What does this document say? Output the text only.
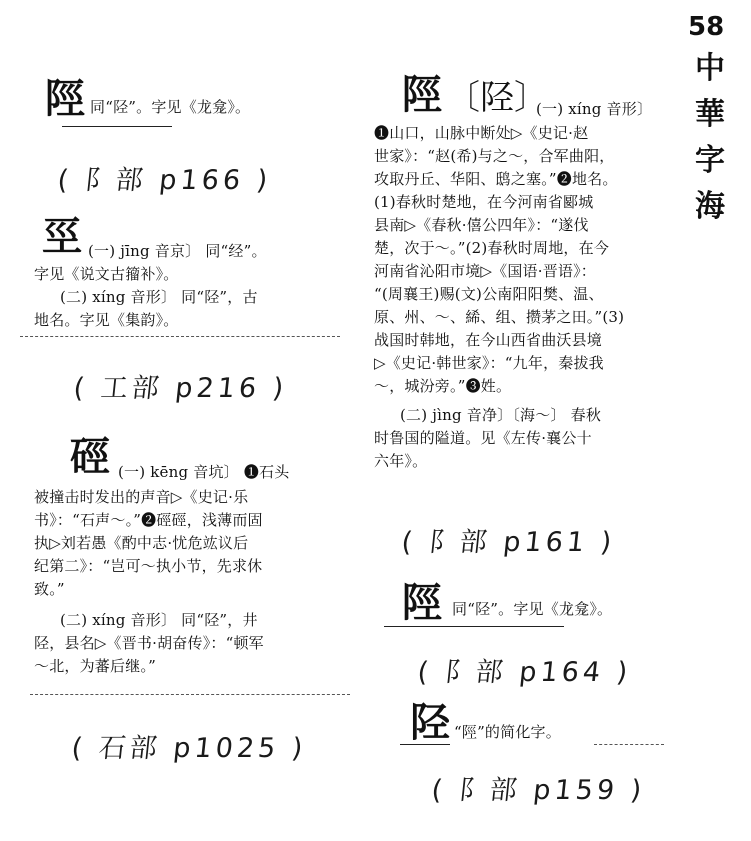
58
中
華
字
海
陘 同“陉”。字见《龙龛》。
( 阝部 p166 )
巠 (一) jīng 音京〕 同“经”。
字见《说文古籀补》。
(二) xíng 音形〕 同“陉”，古
地名。字见《集韵》。
( 工部 p216 )
硜 (一) kēng 音坑〕 ❶石头
被撞击时发出的声音▷《史记·乐
书》：“石声～。”❷硜硜，浅薄而固
执▷刘若愚《酌中志·忧危竑议后
纪第二》：“岂可～执小节，先求休
致。”
(二) xíng 音形〕 同“陉”，井
陉，县名▷《晋书·胡奋传》：“顿军
～北，为蕃后继。”
( 石部 p1025 )
陘 〔陉〕
(一) xíng 音形〕
❶山口，山脉中断处▷《史记·赵
世家》：“赵(希)与之～，合军曲阳，
攻取丹丘、华阳、鸱之塞。”❷地名。
(1)春秋时楚地，在今河南省郾城
县南▷《春秋·僖公四年》：“遂伐
楚，次于～。”(2)春秋时周地，在今
河南省沁阳市境▷《国语·晋语》：
“(周襄王)赐(文)公南阳阳樊、温、
原、州、～、絺、组、攒茅之田。”(3)
战国时韩地，在今山西省曲沃县境
▷《史记·韩世家》：“九年，秦拔我
～，城汾旁。”❸姓。
(二) jìng 音净〕〔海～〕 春秋
时鲁国的隘道。见《左传·襄公十
六年》。
( 阝部 p161 )
陘 同“陉”。字见《龙龛》。
( 阝部 p164 )
陉 “陘”的简化字。
( 阝部 p159 )
